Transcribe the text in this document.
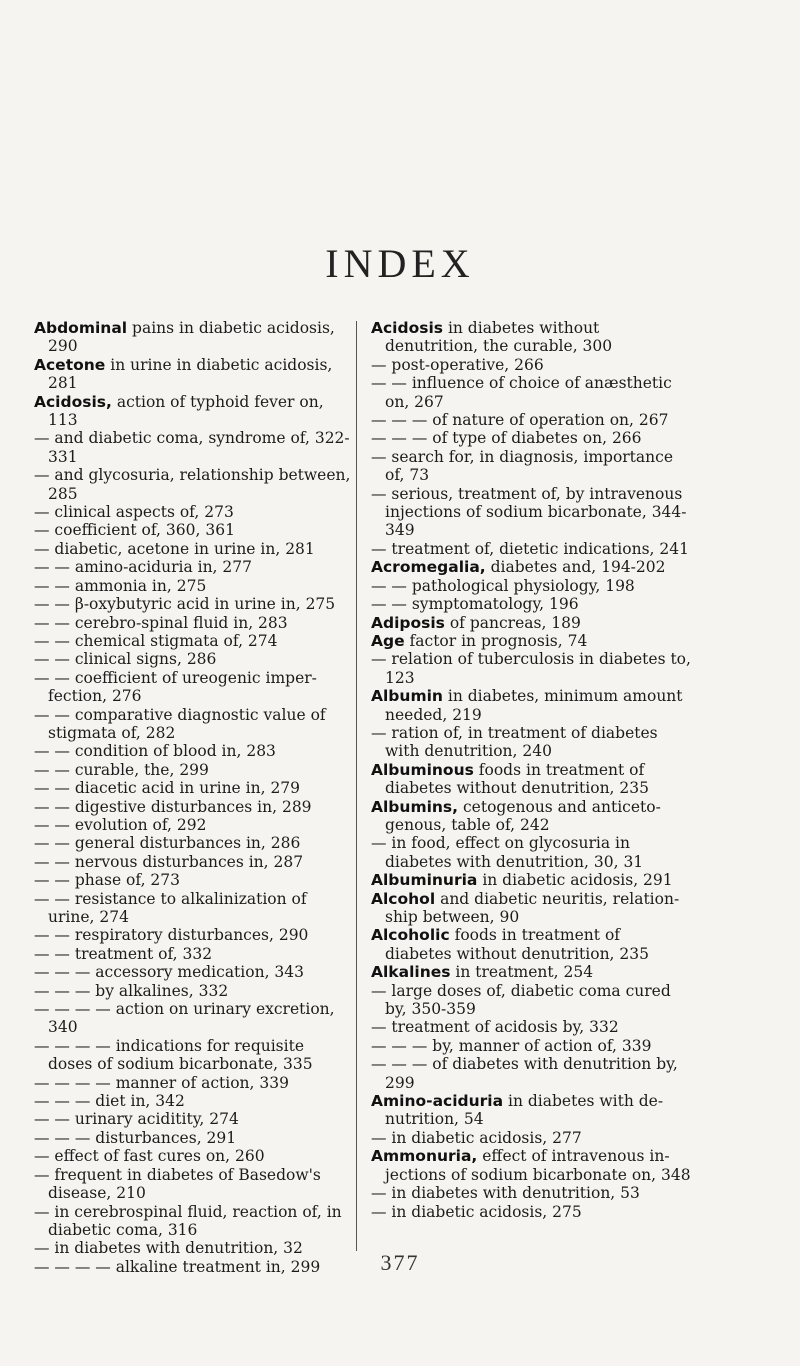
INDEX

Abdominal pains in diabetic acidosis, 290

Acetone in urine in diabetic acidosis, 281

Acidosis, action of typhoid fever on, 113

— and diabetic coma, syndrome of, 322-331

— and glycosuria, relationship between, 285

— clinical aspects of, 273

— coefficient of, 360, 361

— diabetic, acetone in urine in, 281

— — amino-aciduria in, 277

— — ammonia in, 275

— — β-oxybutyric acid in urine in, 275

— — cerebro-spinal fluid in, 283

— — chemical stigmata of, 274

— — clinical signs, 286

— — coefficient of ureogenic imperfection, 276

— — comparative diagnostic value of stigmata of, 282

— — condition of blood in, 283

— — curable, the, 299

— — diacetic acid in urine in, 279

— — digestive disturbances in, 289

— — evolution of, 292

— — general disturbances in, 286

— — nervous disturbances in, 287

— — phase of, 273

— — resistance to alkalinization of urine, 274

— — respiratory disturbances, 290

— — treatment of, 332

— — — accessory medication, 343

— — — by alkalines, 332

— — — — action on urinary excretion, 340

— — — — indications for requisite doses of sodium bicarbonate, 335

— — — — manner of action, 339

— — — diet in, 342

— — urinary aciditity, 274

— — — disturbances, 291

— effect of fast cures on, 260

— frequent in diabetes of Basedow's disease, 210

— in cerebrospinal fluid, reaction of, in diabetic coma, 316

— in diabetes with denutrition, 32

— — — — alkaline treatment in, 299

Acidosis in diabetes without denutrition, the curable, 300

— post-operative, 266

— — influence of choice of anæsthetic on, 267

— — — of nature of operation on, 267

— — — of type of diabetes on, 266

— search for, in diagnosis, importance of, 73

— serious, treatment of, by intravenous injections of sodium bicarbonate, 344-349

— treatment of, dietetic indications, 241

Acromegalia, diabetes and, 194-202

— — pathological physiology, 198

— — symptomatology, 196

Adiposis of pancreas, 189

Age factor in prognosis, 74

— relation of tuberculosis in diabetes to, 123

Albumin in diabetes, minimum amount needed, 219

— ration of, in treatment of diabetes with denutrition, 240

Albuminous foods in treatment of diabetes without denutrition, 235

Albumins, cetogenous and anticetogenous, table of, 242

— in food, effect on glycosuria in diabetes with denutrition, 30, 31

Albuminuria in diabetic acidosis, 291

Alcohol and diabetic neuritis, relationship between, 90

Alcoholic foods in treatment of diabetes without denutrition, 235

Alkalines in treatment, 254

— large doses of, diabetic coma cured by, 350-359

— treatment of acidosis by, 332

— — — by, manner of action of, 339

— — — of diabetes with denutrition by, 299

Amino-aciduria in diabetes with denutrition, 54

— in diabetic acidosis, 277

Ammonuria, effect of intravenous injections of sodium bicarbonate on, 348

— in diabetes with denutrition, 53

— in diabetic acidosis, 275

377
